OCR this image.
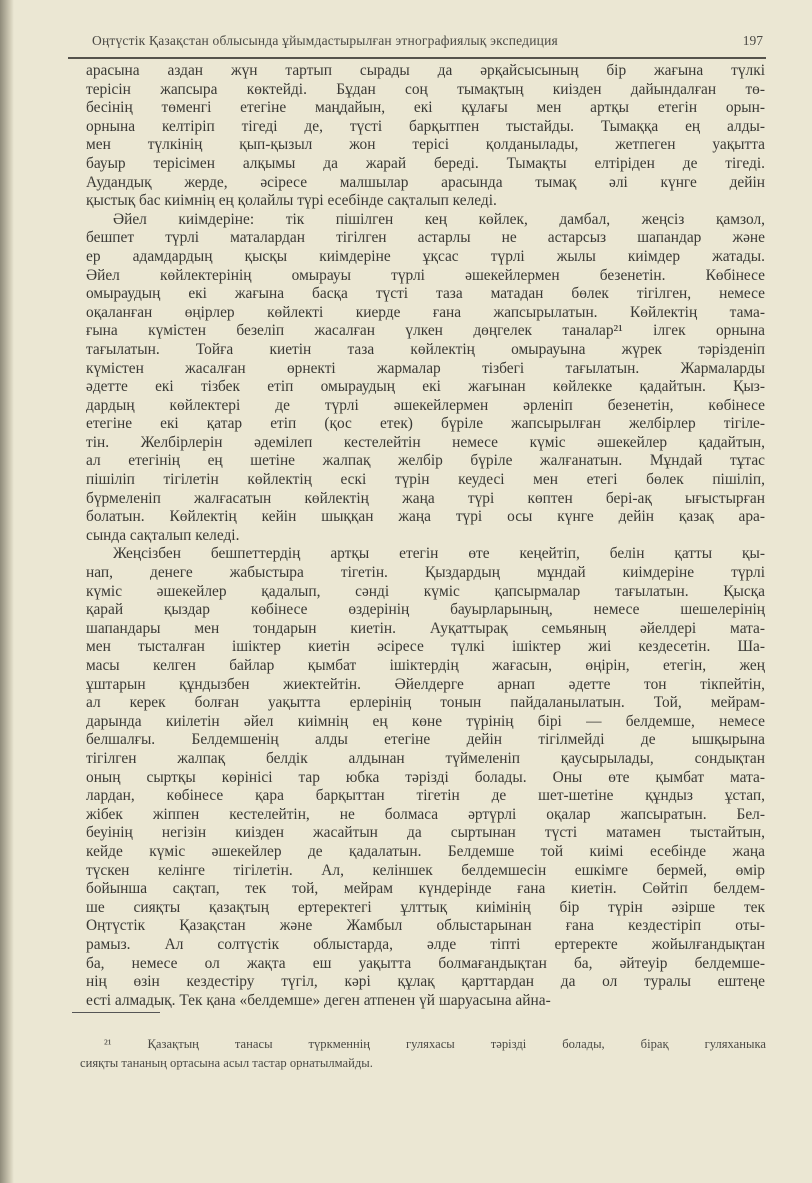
Оңтүстік Қазақстан облысында ұйымдастырылған этнографиялық экспедиция	197
арасына аздан жүн тартып сырады да әрқайсысының бір жағына түлкі
терісін жапсыра көктейді. Бұдан соң тымақтың киізден дайындалған тө-
бесінің төменгі етегіне маңдайын, екі құлағы мен артқы етегін орын-
орнына келтіріп тігеді де, түсті барқытпен тыстайды. Тымаққа ең алды-
мен түлкінің қып-қызыл жон терісі қолданылады, жетпеген уақытта
бауыр терісімен алқымы да жарай береді. Тымақты елтіріден де тігеді.
Аудандық жерде, әсіресе малшылар арасында тымақ әлі күнге дейін
қыстық бас киімнің ең қолайлы түрі есебінде сақталып келеді.
Әйел киімдеріне: тік пішілген кең көйлек, дамбал, жеңсіз қамзол,
бешпет түрлі маталардан тігілген астарлы не астарсыз шапандар және
ер адамдардың қысқы киімдеріне ұқсас түрлі жылы киімдер жатады.
Әйел көйлектерінің омырауы түрлі әшекейлермен безенетін. Көбінесе
омыраудың екі жағына басқа түсті таза матадан бөлек тігілген, немесе
оқаланған өңірлер көйлекті киерде ғана жапсырылатын. Көйлектің тама-
ғына күмістен безеліп жасалған үлкен дөңгелек таналар²¹ ілгек орнына
тағылатын. Тойға киетін таза көйлектің омырауына жүрек тәрізденіп
күмістен жасалған өрнекті жармалар тізбегі тағылатын. Жармаларды
әдетте екі тізбек етіп омыраудың екі жағынан көйлекке қадайтын. Қыз-
дардың көйлектері де түрлі әшекейлермен әрленіп безенетін, көбінесе
етегіне екі қатар етіп (қос етек) бүріле жапсырылған желбірлер тігіле-
тін. Желбірлерін әдемілеп кестелейтін немесе күміс әшекейлер қадайтын,
ал етегінің ең шетіне жалпақ желбір бүріле жалғанатын. Мұндай тұтас
пішіліп тігілетін көйлектің ескі түрін кеудесі мен етегі бөлек пішіліп,
бүрмеленіп жалғасатын көйлектің жаңа түрі көптен бері-ақ ығыстырған
болатын. Көйлектің кейін шыққан жаңа түрі осы күнге дейін қазақ ара-
сында сақталып келеді.
Жеңсізбен бешпеттердің артқы етегін өте кеңейтіп, белін қатты қы-
нап, денеге жабыстыра тігетін. Қыздардың мұндай киімдеріне түрлі
күміс әшекейлер қадалып, сәнді күміс қапсырмалар тағылатын. Қысқа
қарай қыздар көбінесе өздерінің бауырларының, немесе шешелерінің
шапандары мен тондарын киетін. Ауқаттырақ семьяның әйелдері мата-
мен тысталған ішіктер киетін әсіресе түлкі ішіктер жиі кездесетін. Ша-
масы келген байлар қымбат ішіктердің жағасын, өңірін, етегін, жең
ұштарын құндызбен жиектейтін. Әйелдерге арнап әдетте тон тікпейтін,
ал керек болған уақытта ерлерінің тонын пайдаланылатын. Той, мейрам-
дарында киілетін әйел киімнің ең көне түрінің бірі — белдемше, немесе
белшалғы. Белдемшенің алды етегіне дейін тігілмейді де ышқырына
тігілген жалпақ белдік алдынан түймеленіп қаусырылады, сондықтан
оның сыртқы көрінісі тар юбка тәрізді болады. Оны өте қымбат мата-
лардан, көбінесе қара барқыттан тігетін де шет-шетіне құндыз ұстап,
жібек жіппен кестелейтін, не болмаса әртүрлі оқалар жапсыратын. Бел-
беуінің негізін киізден жасайтын да сыртынан түсті матамен тыстайтын,
кейде күміс әшекейлер де қадалатын. Белдемше той киімі есебінде жаңа
түскен келінге тігілетін. Ал, келіншек белдемшесін ешкімге бермей, өмір
бойынша сақтап, тек той, мейрам күндерінде ғана киетін. Сөйтіп белдем-
ше сияқты қазақтың ертеректегі ұлттық киімінің бір түрін әзірше тек
Оңтүстік Қазақстан және Жамбыл облыстарынан ғана кездестіріп оты-
рамыз. Ал солтүстік облыстарда, әлде тіпті ертеректе жойылғандықтан
ба, немесе ол жақта еш уақытта болмағандықтан ба, әйтеуір белдемше-
нің өзін кездестіру түгіл, кәрі құлақ қарттардан да ол туралы ештеңе
есті алмадық. Тек қана «белдемше» деген атпенен үй шаруасына айна-
²¹ Қазақтың танасы түркменнің гуляхасы тәрізді болады, бірақ гуляханыка
сияқты тананың ортасына асыл тастар орнатылмайды.
